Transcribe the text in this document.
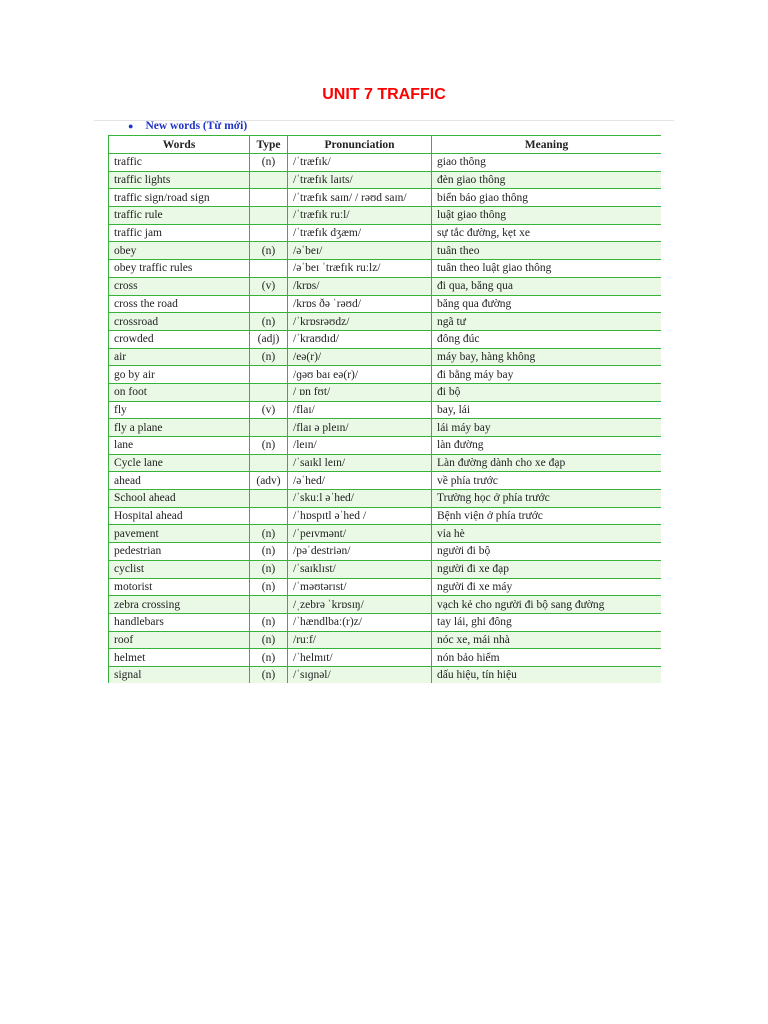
UNIT 7 TRAFFIC
● New words (Từ mới)
Words	Type	Pronunciation	Meaning
traffic	(n)	/ˈtræfɪk/	giao thông
traffic lights		/ˈtræfɪk laɪts/	đèn giao thông
traffic sign/road sign		/ˈtræfɪk saɪn/ / rəʊd saɪn/	biển báo giao thông
traffic rule		/ˈtræfɪk ruːl/	luật giao thông
traffic jam		/ˈtræfɪk dʒæm/	sự tắc đường, kẹt xe
obey	(n)	/əˈbeɪ/	tuân theo
obey traffic rules		/əˈbeɪ ˈtræfɪk ruːlz/	tuân theo luật giao thông
cross	(v)	/krɒs/	đi qua, băng qua
cross the road		/krɒs ðə ˈrəʊd/	băng qua đường
crossroad	(n)	/ˈkrɒsrəʊdz/	ngã tư
crowded	(adj)	/ˈkraʊdɪd/	đông đúc
air	(n)	/eə(r)/	máy bay, hàng không
go by air		/ɡəʊ baɪ eə(r)/	đi bằng máy bay
on foot		/ ɒn fʊt/	đi bộ
fly	(v)	/flaɪ/	bay, lái
fly a plane		/flaɪ ə pleɪn/	lái máy bay
lane	(n)	/leɪn/	làn đường
Cycle lane		/ˈsaɪkl leɪn/	Làn đường dành cho xe đạp
ahead	(adv)	/əˈhed/	về phía trước
School ahead		/ˈskuːl əˈhed/	Trường học ở phía trước
Hospital ahead		/ˈhɒspɪtl əˈhed /	Bệnh viện ở phía trước
pavement	(n)	/ˈpeɪvmənt/	vỉa hè
pedestrian	(n)	/pəˈdestriən/	người đi bộ
cyclist	(n)	/ˈsaɪklɪst/	người đi xe đạp
motorist	(n)	/ˈməʊtərɪst/	người đi xe máy
zebra crossing		/ˌzebrə ˈkrɒsɪŋ/	vạch kẻ cho người đi bộ sang đường
handlebars	(n)	/ˈhændlbaː(r)z/	tay lái, ghi đông
roof	(n)	/ruːf/	nóc xe, mái nhà
helmet	(n)	/ˈhelmɪt/	nón bảo hiểm
signal	(n)	/ˈsɪɡnəl/	dấu hiệu, tín hiệu
